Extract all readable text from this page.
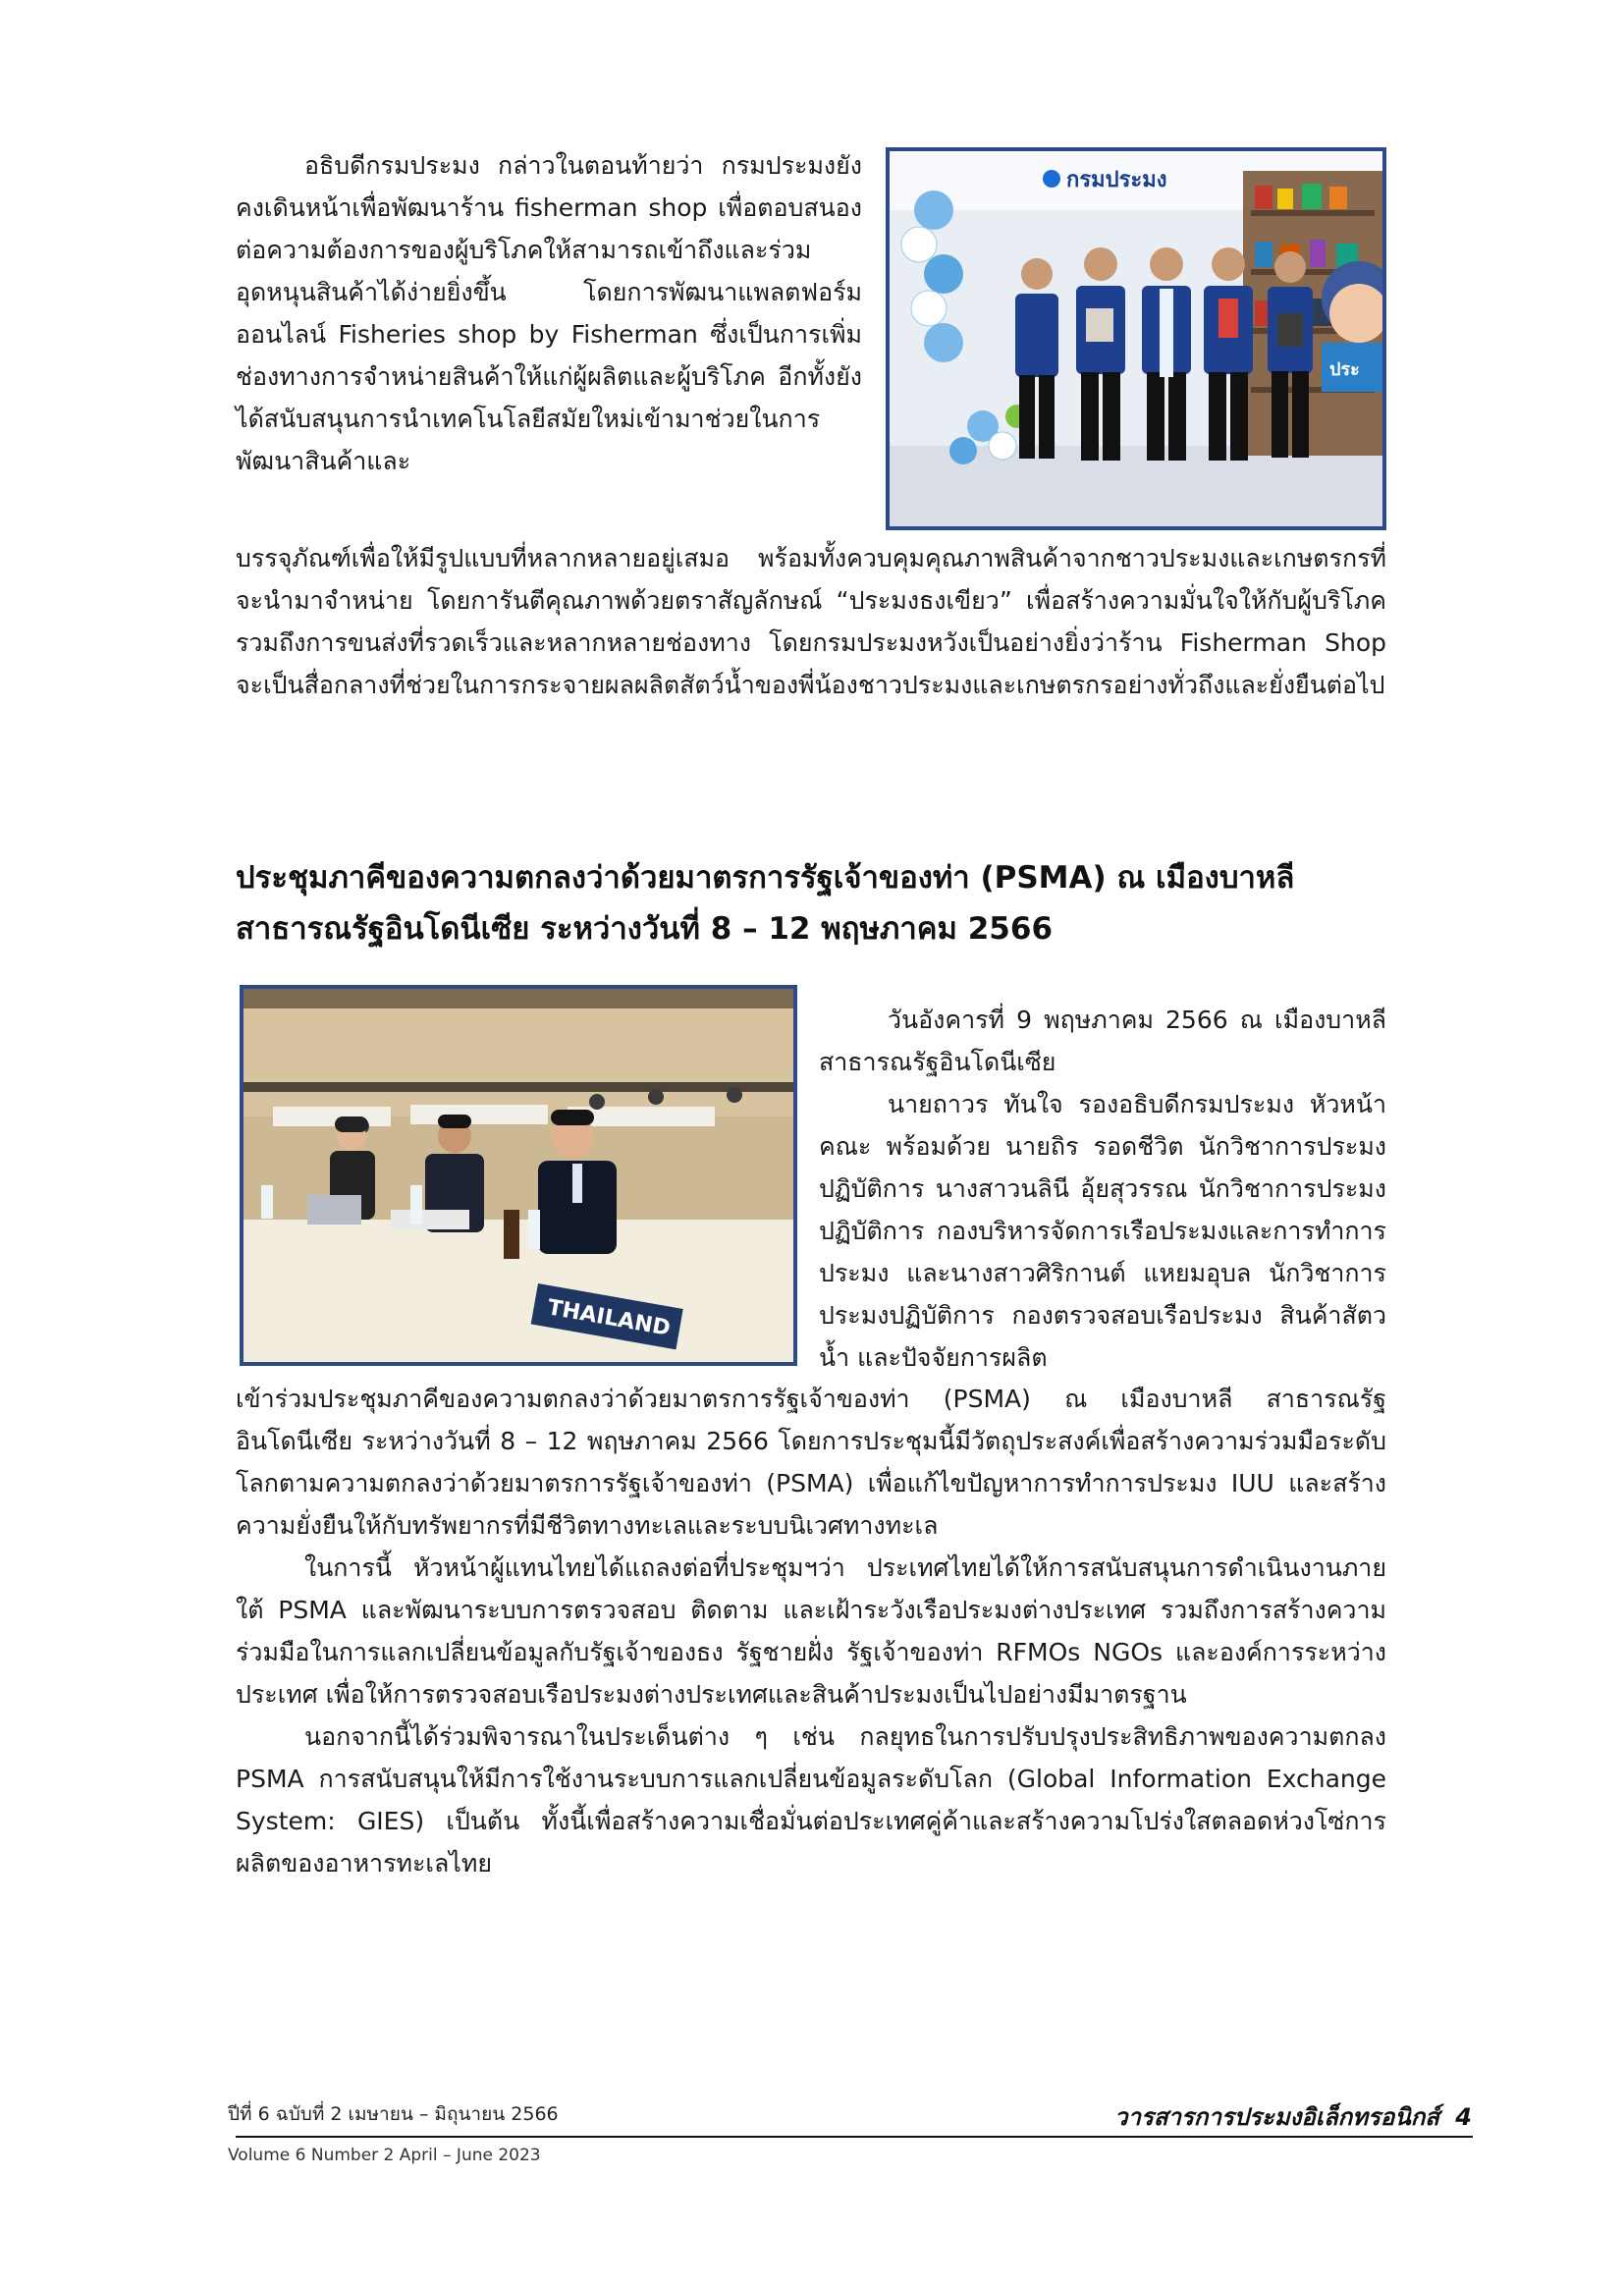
อธิบดีกรมประมง กล่าวในตอนท้ายว่า กรมประมงยังคงเดินหน้าเพื่อพัฒนาร้าน fisherman shop เพื่อตอบสนองต่อความต้องการของผู้บริโภคให้สามารถเข้าถึงและร่วมอุดหนุนสินค้าได้ง่ายยิ่งขึ้น โดยการพัฒนาแพลตฟอร์มออนไลน์ Fisheries shop by Fisherman ซึ่งเป็นการเพิ่มช่องทางการจำหน่ายสินค้าให้แก่ผู้ผลิตและผู้บริโภค อีกทั้งยังได้สนับสนุนการนำเทคโนโลยีสมัยใหม่เข้ามาช่วยในการพัฒนาสินค้าและ

กรมประมง
ประ

บรรจุภัณฑ์เพื่อให้มีรูปแบบที่หลากหลายอยู่เสมอ พร้อมทั้งควบคุมคุณภาพสินค้าจากชาวประมงและเกษตรกรที่จะนำมาจำหน่าย โดยการันตีคุณภาพด้วยตราสัญลักษณ์ “ประมงธงเขียว” เพื่อสร้างความมั่นใจให้กับผู้บริโภค รวมถึงการขนส่งที่รวดเร็วและหลากหลายช่องทาง โดยกรมประมงหวังเป็นอย่างยิ่งว่าร้าน Fisherman Shop จะเป็นสื่อกลางที่ช่วยในการกระจายผลผลิตสัตว์น้ำของพี่น้องชาวประมงและเกษตรกรอย่างทั่วถึงและยั่งยืนต่อไป

ประชุมภาคีของความตกลงว่าด้วยมาตรการรัฐเจ้าของท่า (PSMA) ณ เมืองบาหลี
สาธารณรัฐอินโดนีเซีย ระหว่างวันที่ 8 – 12 พฤษภาคม 2566
THAILAND

วันอังคารที่ 9 พฤษภาคม 2566 ณ เมืองบาหลี สาธารณรัฐอินโดนีเซีย

นายถาวร ทันใจ รองอธิบดีกรมประมง หัวหน้าคณะ พร้อมด้วย นายถิร รอดชีวิต นักวิชาการประมงปฏิบัติการ นางสาวนลินี อุ้ยสุวรรณ นักวิชาการประมงปฏิบัติการ กองบริหารจัดการเรือประมงและการทำการประมง และนางสาวศิริกานต์ แหยมอุบล นักวิชาการประมงปฏิบัติการ กองตรวจสอบเรือประมง สินค้าสัตวน้ำ และปัจจัยการผลิต

เข้าร่วมประชุมภาคีของความตกลงว่าด้วยมาตรการรัฐเจ้าของท่า (PSMA) ณ เมืองบาหลี สาธารณรัฐอินโดนีเซีย ระหว่างวันที่ 8 – 12 พฤษภาคม 2566 โดยการประชุมนี้มีวัตถุประสงค์เพื่อสร้างความร่วมมือระดับโลกตามความตกลงว่าด้วยมาตรการรัฐเจ้าของท่า (PSMA) เพื่อแก้ไขปัญหาการทำการประมง IUU และสร้างความยั่งยืนให้กับทรัพยากรที่มีชีวิตทางทะเลและระบบนิเวศทางทะเล

ในการนี้ หัวหน้าผู้แทนไทยได้แถลงต่อที่ประชุมฯว่า ประเทศไทยได้ให้การสนับสนุนการดำเนินงานภายใต้ PSMA และพัฒนาระบบการตรวจสอบ ติดตาม และเฝ้าระวังเรือประมงต่างประเทศ รวมถึงการสร้างความร่วมมือในการแลกเปลี่ยนข้อมูลกับรัฐเจ้าของธง รัฐชายฝั่ง รัฐเจ้าของท่า RFMOs NGOs และองค์การระหว่างประเทศ เพื่อให้การตรวจสอบเรือประมงต่างประเทศและสินค้าประมงเป็นไปอย่างมีมาตรฐาน

นอกจากนี้ได้ร่วมพิจารณาในประเด็นต่าง ๆ เช่น กลยุทธในการปรับปรุงประสิทธิภาพของความตกลง PSMA การสนับสนุนให้มีการใช้งานระบบการแลกเปลี่ยนข้อมูลระดับโลก (Global Information Exchange System: GIES) เป็นต้น ทั้งนี้เพื่อสร้างความเชื่อมั่นต่อประเทศคู่ค้าและสร้างความโปร่งใสตลอดห่วงโซ่การผลิตของอาหารทะเลไทย

ปีที่ 6 ฉบับที่ 2 เมษายน – มิถุนายน 2566
Volume 6 Number 2 April – June 2023
วารสารการประมงอิเล็กทรอนิกส์ 4
